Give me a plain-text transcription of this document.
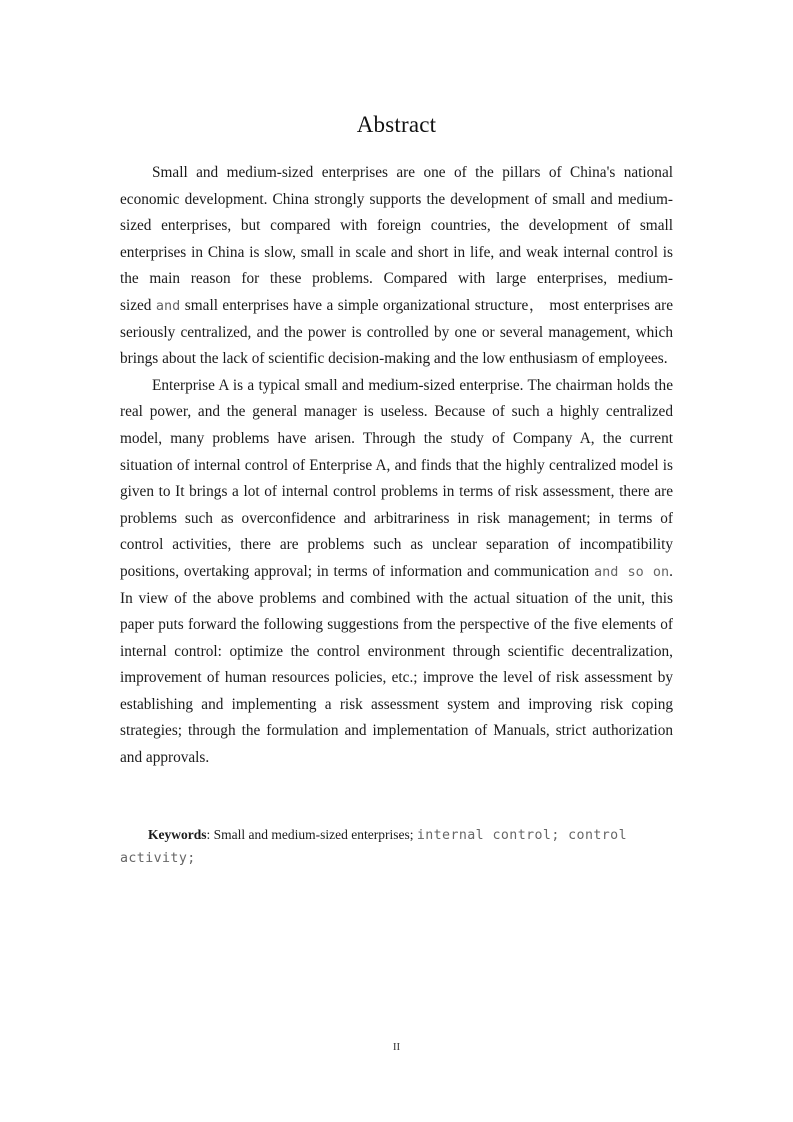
Abstract

Small and medium-sized enterprises are one of the pillars of China's national economic development. China strongly supports the development of small and medium-sized enterprises, but compared with foreign countries, the development of small enterprises in China is slow, small in scale and short in life, and weak internal control is the main reason for these problems. Compared with large enterprises, medium-sized and small enterprises have a simple organizational structure， most enterprises are seriously centralized, and the power is controlled by one or several management, which brings about the lack of scientific decision-making and the low enthusiasm of employees.

Enterprise A is a typical small and medium-sized enterprise. The chairman holds the real power, and the general manager is useless. Because of such a highly centralized model, many problems have arisen. Through the study of Company A, the current situation of internal control of Enterprise A, and finds that the highly centralized model is given to It brings a lot of internal control problems in terms of risk assessment, there are problems such as overconfidence and arbitrariness in risk management; in terms of control activities, there are problems such as unclear separation of incompatibility positions, overtaking approval; in terms of information and communication and so on. In view of the above problems and combined with the actual situation of the unit, this paper puts forward the following suggestions from the perspective of the five elements of internal control: optimize the control environment through scientific decentralization, improvement of human resources policies, etc.; improve the level of risk assessment by establishing and implementing a risk assessment system and improving risk coping strategies; through the formulation and implementation of Manuals, strict authorization and approvals.

Keywords: Small and medium-sized enterprises; internal control; control activity;
II
